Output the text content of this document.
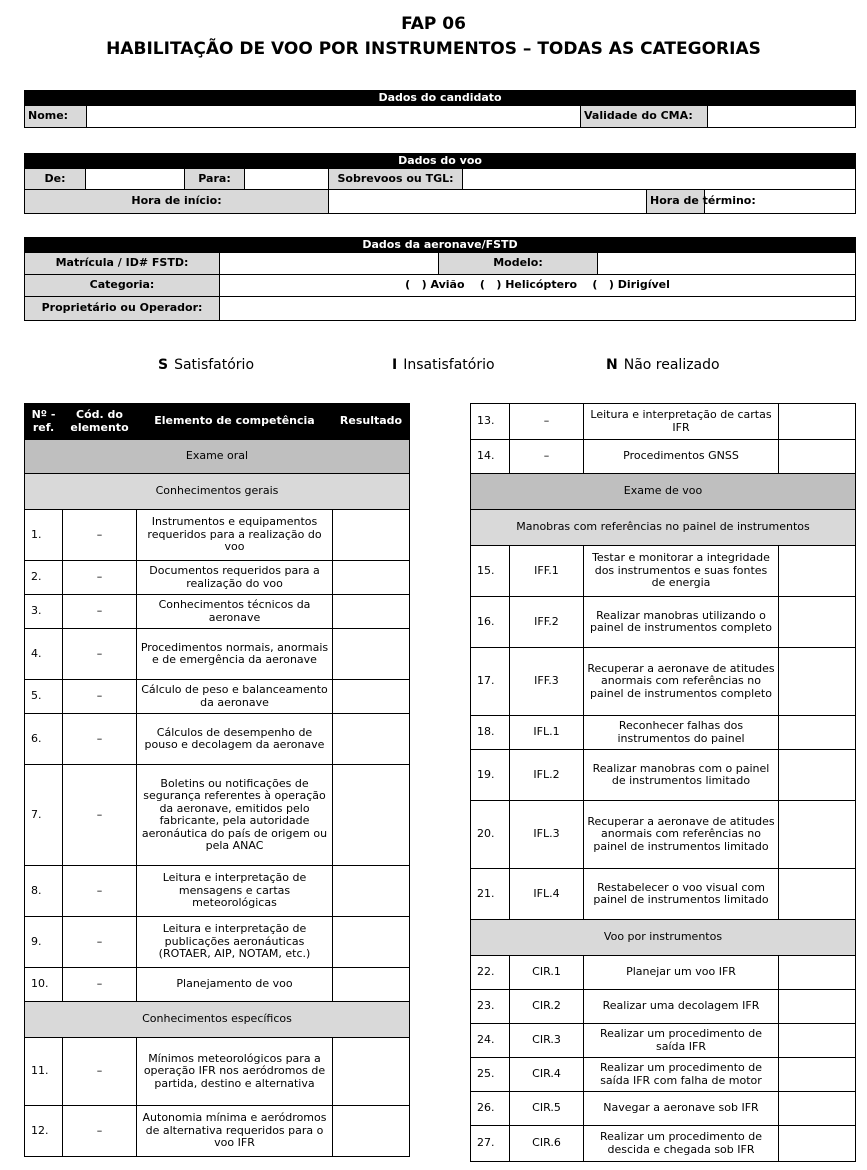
FAP 06
HABILITAÇÃO DE VOO POR INSTRUMENTOS – TODAS AS CATEGORIAS
Dados do candidato
Nome:		Validade do CMA:	
Dados do voo							
De:		Para:		Sobrevoos ou TGL:			
Hora de início:						Hora de término:	
Dados da aeronave/FSTD			
Matrícula / ID# FSTD:		Modelo:	
Categoria:	(   ) Avião    (   ) Helicóptero    (   ) Dirigível		
Proprietário ou Operador:			
S Satisfatório	I Insatisfatório	N Não realizado
Nº - ref.	Cód. do elemento	Elemento de competência	Resultado
Exame oral			
Conhecimentos gerais			
1.	–	Instrumentos e equipamentos requeridos para a realização do voo	
2.	–	Documentos requeridos para a realização do voo	
3.	–	Conhecimentos técnicos da aeronave	
4.	–	Procedimentos normais, anormais e de emergência da aeronave	
5.	–	Cálculo de peso e balanceamento da aeronave	
6.	–	Cálculos de desempenho de pouso e decolagem da aeronave	
7.	–	Boletins ou notificações de segurança referentes à operação da aeronave, emitidos pelo fabricante, pela autoridade aeronáutica do país de origem ou pela ANAC	
8.	–	Leitura e interpretação de mensagens e cartas meteorológicas	
9.	–	Leitura e interpretação de publicações aeronáuticas (ROTAER, AIP, NOTAM, etc.)	
10.	–	Planejamento de voo	
Conhecimentos específicos			
11.	–	Mínimos meteorológicos para a operação IFR nos aeródromos de partida, destino e alternativa	
12.	–	Autonomia mínima e aeródromos de alternativa requeridos para o voo IFR	
13.	–	Leitura e interpretação de cartas IFR	
14.	–	Procedimentos GNSS	
Exame de voo			
Manobras com referências no painel de instrumentos			
15.	IFF.1	Testar e monitorar a integridade dos instrumentos e suas fontes de energia	
16.	IFF.2	Realizar manobras utilizando o painel de instrumentos completo	
17.	IFF.3	Recuperar a aeronave de atitudes anormais com referências no painel de instrumentos completo	
18.	IFL.1	Reconhecer falhas dos instrumentos do painel	
19.	IFL.2	Realizar manobras com o painel de instrumentos limitado	
20.	IFL.3	Recuperar a aeronave de atitudes anormais com referências no painel de instrumentos limitado	
21.	IFL.4	Restabelecer o voo visual com painel de instrumentos limitado	
Voo por instrumentos			
22.	CIR.1	Planejar um voo IFR	
23.	CIR.2	Realizar uma decolagem IFR	
24.	CIR.3	Realizar um procedimento de saída IFR	
25.	CIR.4	Realizar um procedimento de saída IFR com falha de motor	
26.	CIR.5	Navegar a aeronave sob IFR	
27.	CIR.6	Realizar um procedimento de descida e chegada sob IFR	
